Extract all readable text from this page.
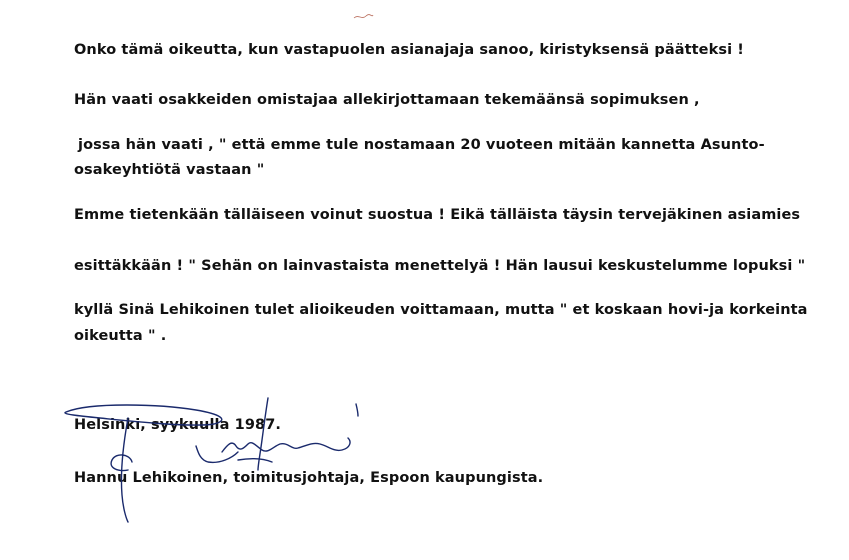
Onko tämä oikeutta, kun vastapuolen asianajaja sanoo, kiristyksensä päätteksi !
Hän vaati osakkeiden omistajaa allekirjottamaan tekemäänsä sopimuksen ,
jossa hän vaati , " että emme tule nostamaan 20 vuoteen mitään kannetta Asunto-
osakeyhtiötä vastaan "
Emme tietenkään tälläiseen voinut suostua ! Eikä tälläista täysin tervejäkinen asiamies
esittäkkään ! " Sehän on lainvastaista menettelyä ! Hän lausui keskustelumme lopuksi "
kyllä Sinä Lehikoinen tulet alioikeuden voittamaan, mutta " et koskaan hovi-ja korkeinta
oikeutta " .
Helsinki, syykuulla 1987.
Hannu Lehikoinen, toimitusjohtaja, Espoon kaupungista.
